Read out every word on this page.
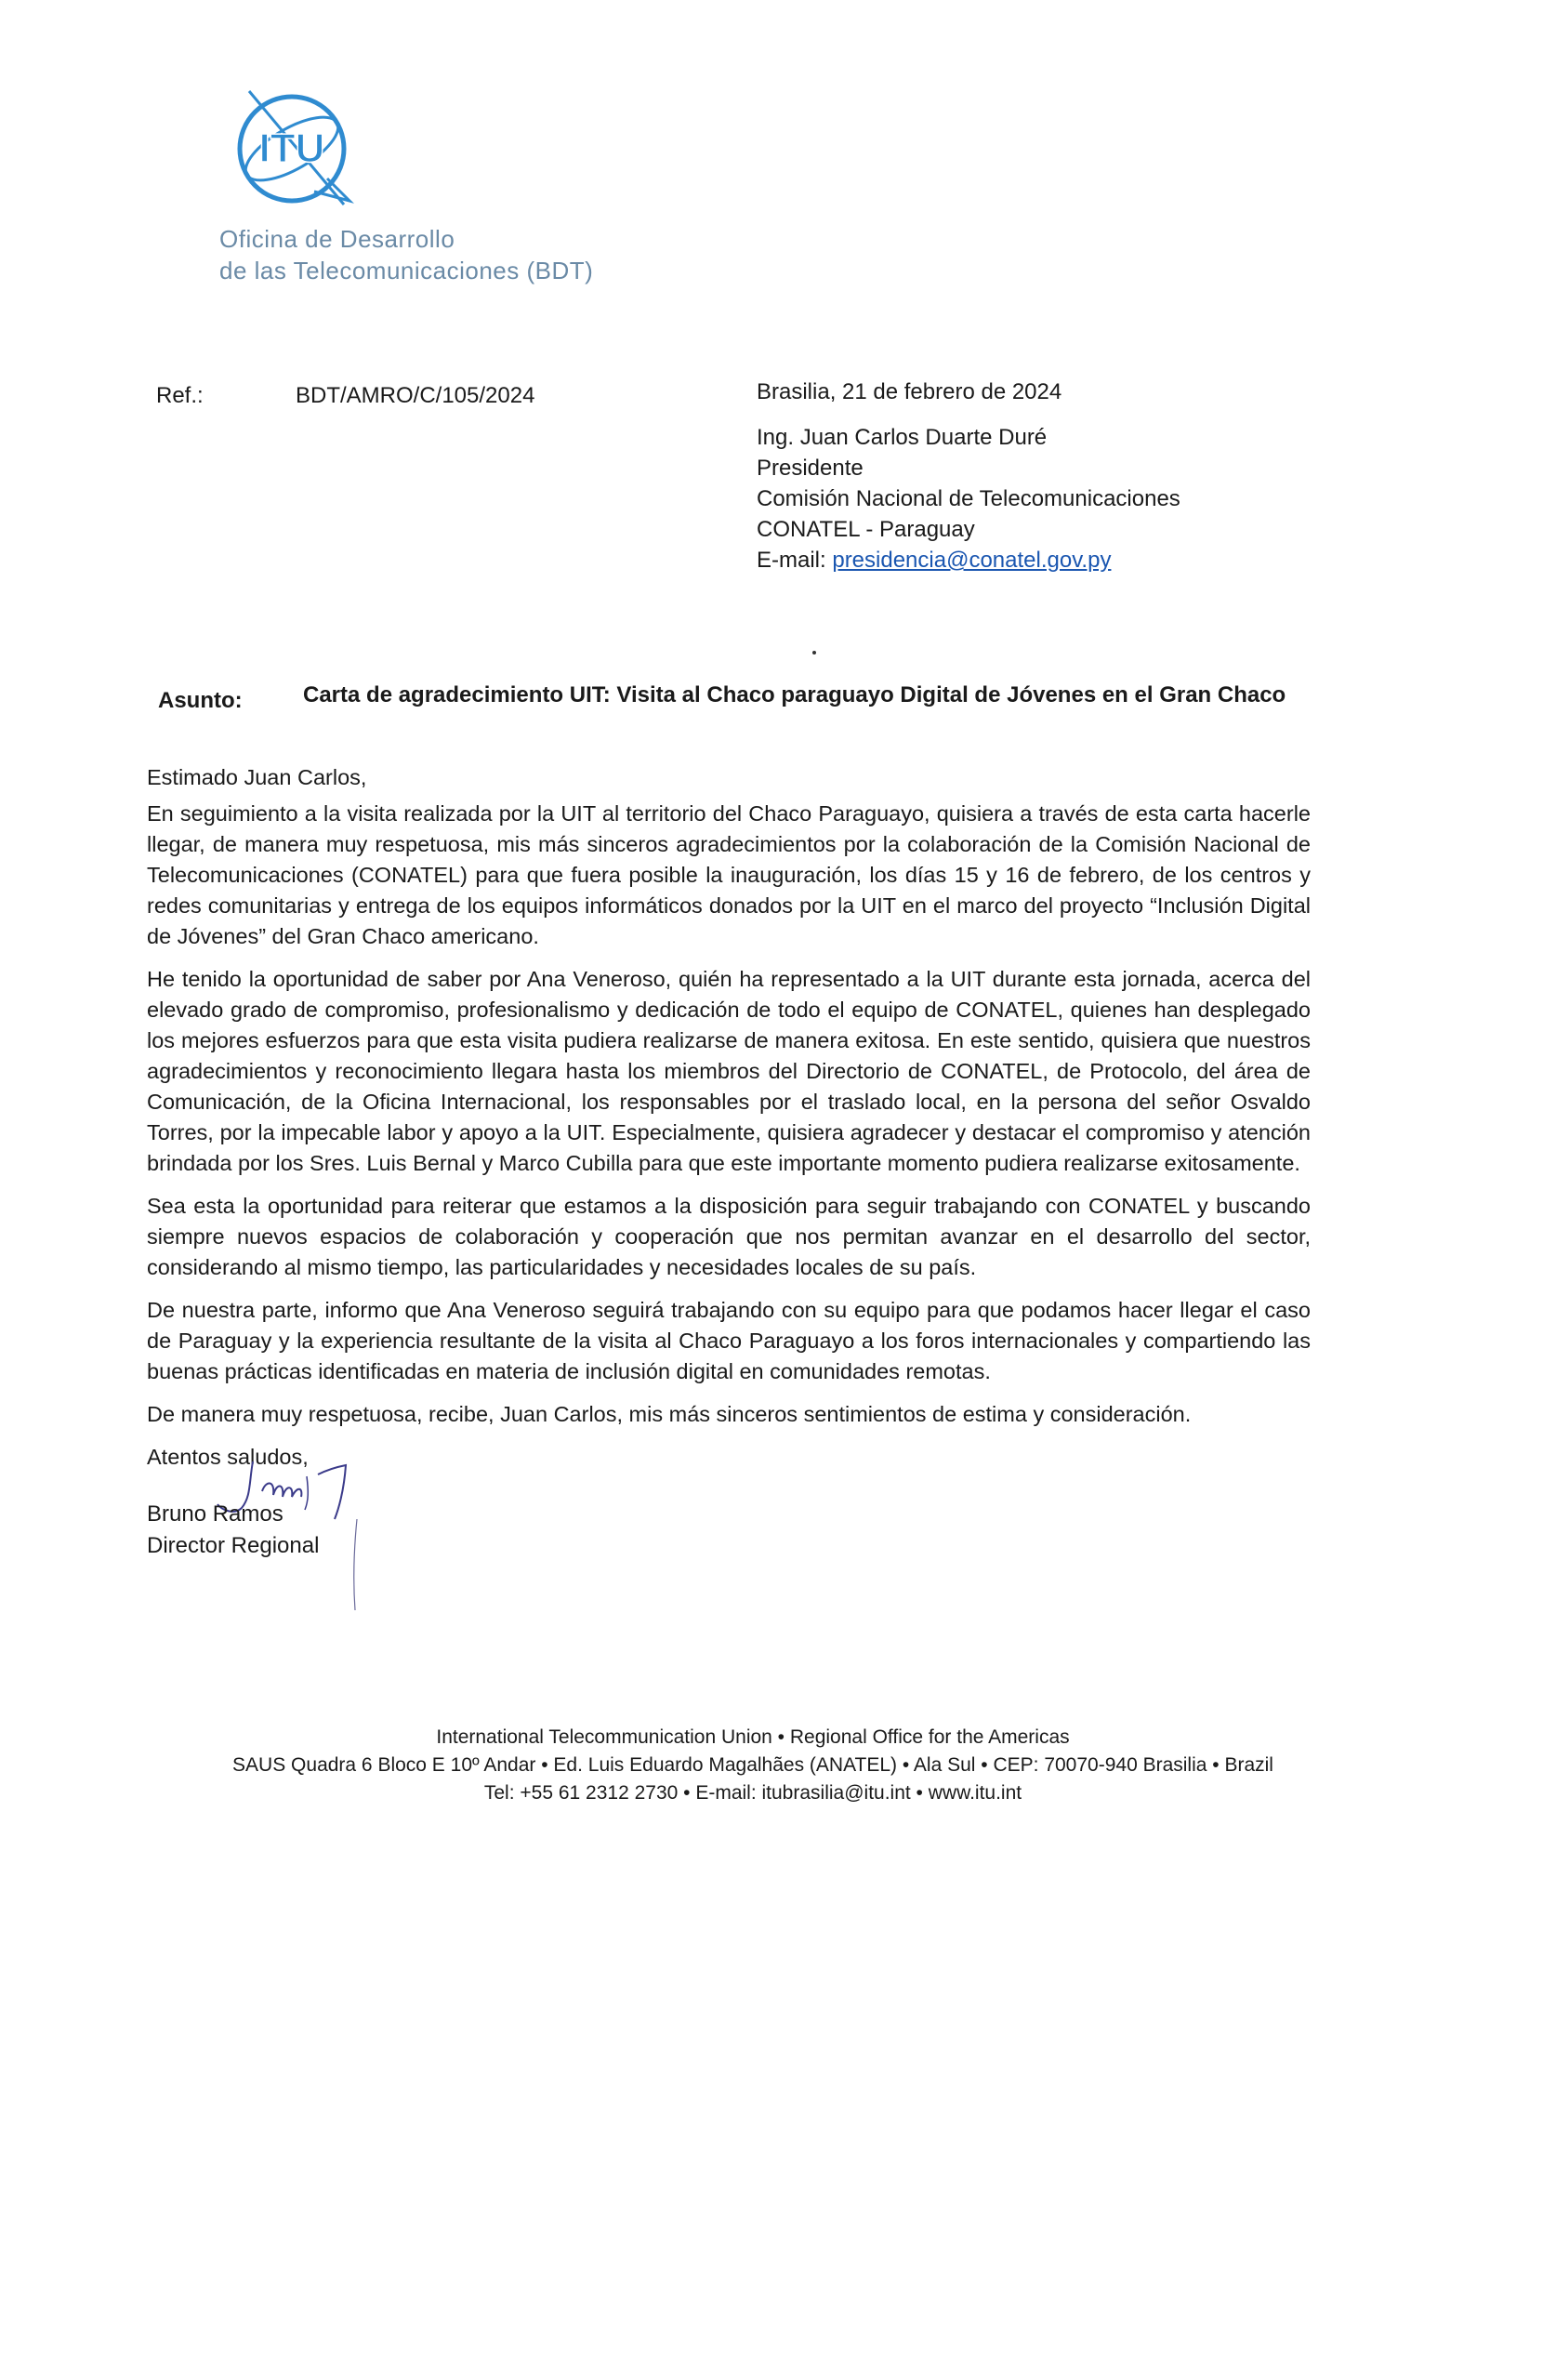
ITU
Oficina de Desarrollo
de las Telecomunicaciones (BDT)
Ref.:	BDT/AMRO/C/105/2024	Brasilia, 21 de febrero de 2024
Ing. Juan Carlos Duarte Duré
Presidente
Comisión Nacional de Telecomunicaciones
CONATEL - Paraguay
E-mail: presidencia@conatel.gov.py
Asunto:	Carta de agradecimiento UIT: Visita al Chaco paraguayo Digital de Jóvenes en el Gran Chaco

Estimado Juan Carlos,

En seguimiento a la visita realizada por la UIT al territorio del Chaco Paraguayo, quisiera a través de esta carta hacerle llegar, de manera muy respetuosa, mis más sinceros agradecimientos por la colaboración de la Comisión Nacional de Telecomunicaciones (CONATEL) para que fuera posible la inauguración, los días 15 y 16 de febrero, de los centros y redes comunitarias y entrega de los equipos informáticos donados por la UIT en el marco del proyecto “Inclusión Digital de Jóvenes” del Gran Chaco americano.

He tenido la oportunidad de saber por Ana Veneroso, quién ha representado a la UIT durante esta jornada, acerca del elevado grado de compromiso, profesionalismo y dedicación de todo el equipo de CONATEL, quienes han desplegado los mejores esfuerzos para que esta visita pudiera realizarse de manera exitosa. En este sentido, quisiera que nuestros agradecimientos y reconocimiento llegara hasta los miembros del Directorio de CONATEL, de Protocolo, del área de Comunicación, de la Oficina Internacional, los responsables por el traslado local, en la persona del señor Osvaldo Torres, por la impecable labor y apoyo a la UIT. Especialmente, quisiera agradecer y destacar el compromiso y atención brindada por los Sres. Luis Bernal y Marco Cubilla para que este importante momento pudiera realizarse exitosamente.

Sea esta la oportunidad para reiterar que estamos a la disposición para seguir trabajando con CONATEL y buscando siempre nuevos espacios de colaboración y cooperación que nos permitan avanzar en el desarrollo del sector, considerando al mismo tiempo, las particularidades y necesidades locales de su país.

De nuestra parte, informo que Ana Veneroso seguirá trabajando con su equipo para que podamos hacer llegar el caso de Paraguay y la experiencia resultante de la visita al Chaco Paraguayo a los foros internacionales y compartiendo las buenas prácticas identificadas en materia de inclusión digital en comunidades remotas.

De manera muy respetuosa, recibe, Juan Carlos, mis más sinceros sentimientos de estima y consideración.

Atentos saludos,

Bruno Ramos
Director Regional
International Telecommunication Union • Regional Office for the Americas
SAUS Quadra 6 Bloco E 10º Andar • Ed. Luis Eduardo Magalhães (ANATEL) • Ala Sul • CEP: 70070-940 Brasilia • Brazil
Tel: +55 61 2312 2730 • E-mail: itubrasilia@itu.int • www.itu.int
